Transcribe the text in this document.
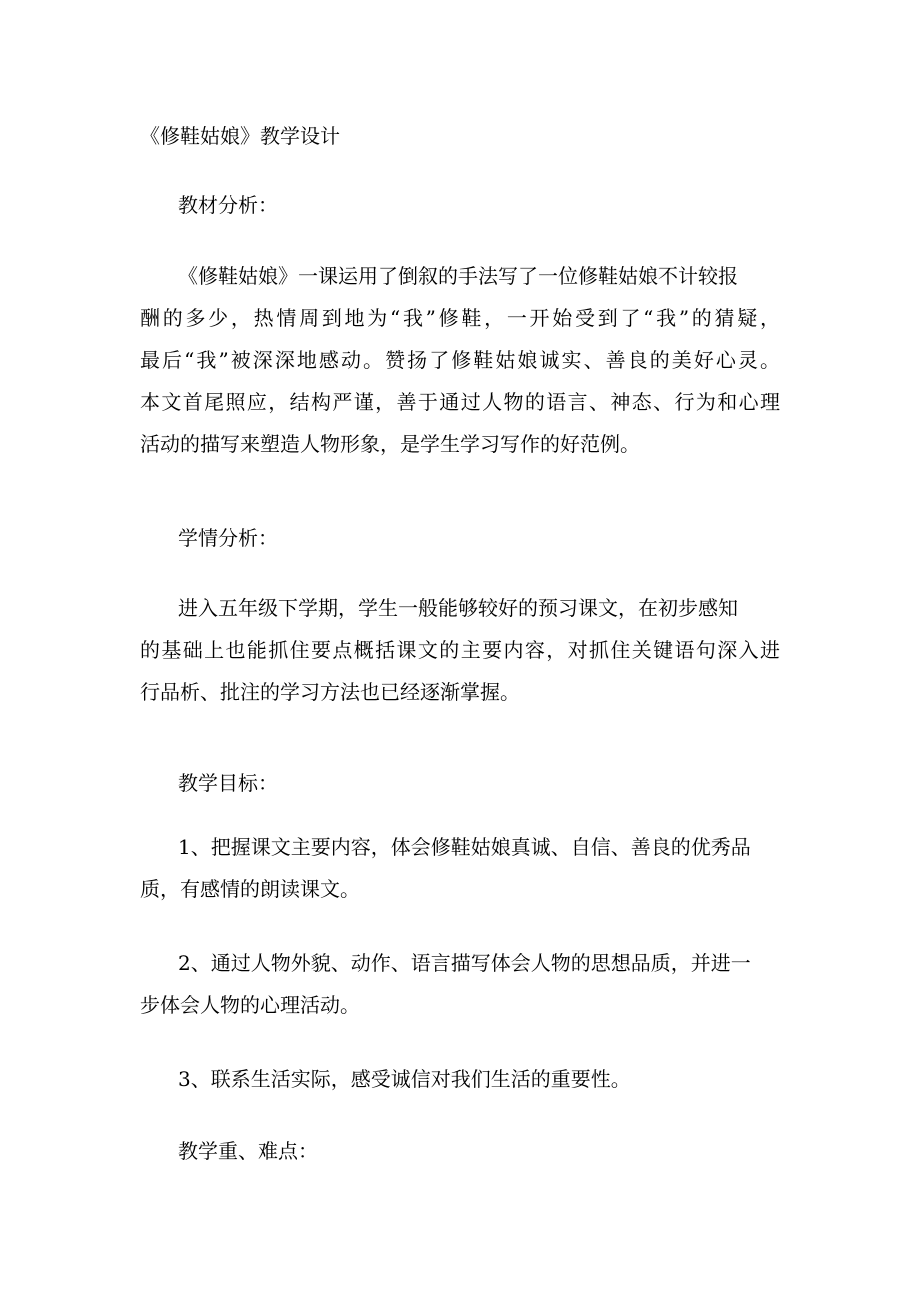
《修鞋姑娘》教学设计
教材分析：
《修鞋姑娘》一课运用了倒叙的手法写了一位修鞋姑娘不计较报
酬的多少，热情周到地为“我”修鞋，一开始受到了“我”的猜疑，
最后“我”被深深地感动。赞扬了修鞋姑娘诚实、善良的美好心灵。
本文首尾照应，结构严谨，善于通过人物的语言、神态、行为和心理
活动的描写来塑造人物形象，是学生学习写作的好范例。
学情分析：
进入五年级下学期，学生一般能够较好的预习课文，在初步感知
的基础上也能抓住要点概括课文的主要内容，对抓住关键语句深入进
行品析、批注的学习方法也已经逐渐掌握。
教学目标：
1、把握课文主要内容，体会修鞋姑娘真诚、自信、善良的优秀品
质，有感情的朗读课文。
2、通过人物外貌、动作、语言描写体会人物的思想品质，并进一
步体会人物的心理活动。
3、联系生活实际，感受诚信对我们生活的重要性。
教学重、难点：
